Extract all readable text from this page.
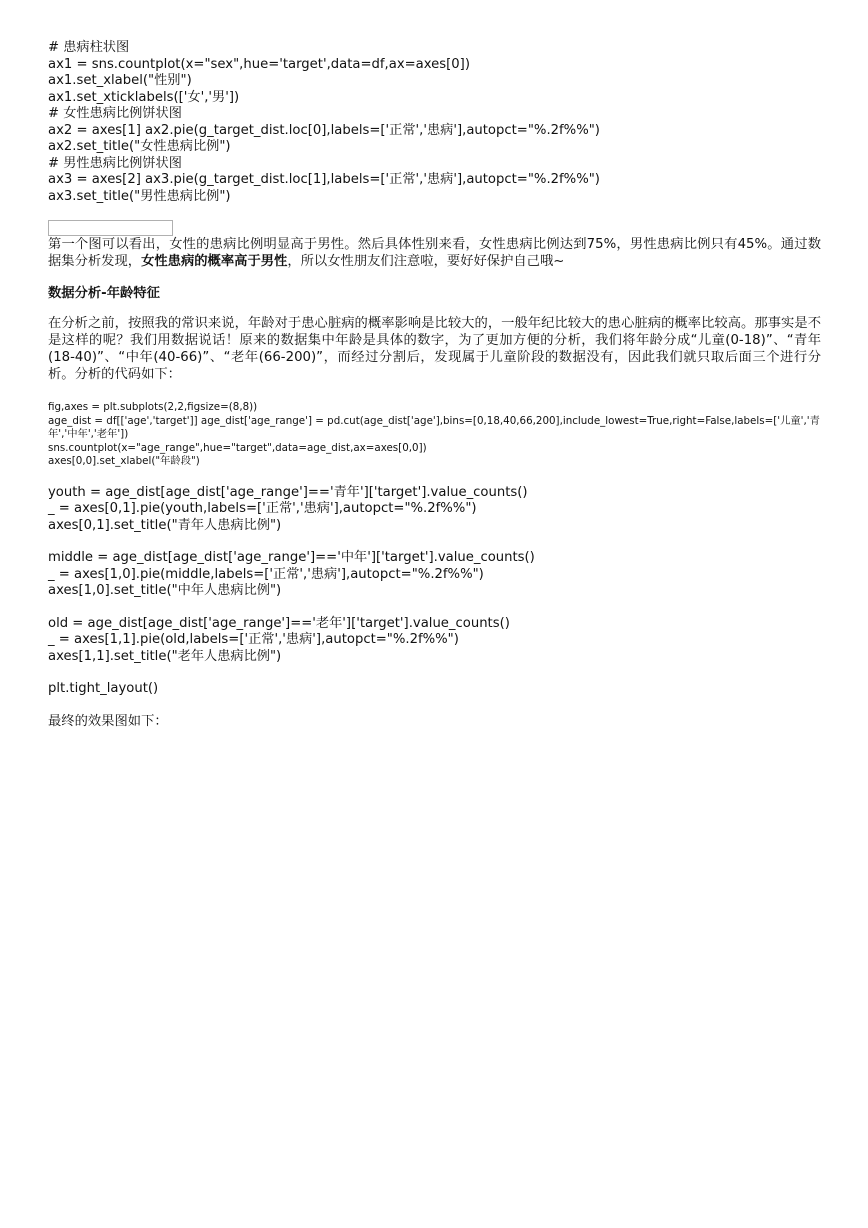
# 患病柱状图
ax1 = sns.countplot(x="sex",hue='target',data=df,ax=axes[0])
ax1.set_xlabel("性别")
ax1.set_xticklabels(['女','男'])
# 女性患病比例饼状图
ax2 = axes[1] ax2.pie(g_target_dist.loc[0],labels=['正常','患病'],autopct="%.2f%%")
ax2.set_title("女性患病比例")
# 男性患病比例饼状图
ax3 = axes[2] ax3.pie(g_target_dist.loc[1],labels=['正常','患病'],autopct="%.2f%%")
ax3.set_title("男性患病比例")

第一个图可以看出，女性的患病比例明显高于男性。然后具体性别来看，女性患病比例达到75%，男性患病比例只有45%。通过数据集分析发现，女性患病的概率高于男性，所以女性朋友们注意啦，要好好保护自己哦~

数据分析-年龄特征

在分析之前，按照我的常识来说，年龄对于患心脏病的概率影响是比较大的，一般年纪比较大的患心脏病的概率比较高。那事实是不是这样的呢？我们用数据说话！原来的数据集中年龄是具体的数字，为了更加方便的分析，我们将年龄分成“儿童(0-18)”、“青年(18-40)”、“中年(40-66)”、“老年(66-200)”，而经过分割后，发现属于儿童阶段的数据没有，因此我们就只取后面三个进行分析。分析的代码如下：

fig,axes = plt.subplots(2,2,figsize=(8,8))
age_dist = df[['age','target']] age_dist['age_range'] = pd.cut(age_dist['age'],bins=[0,18,40,66,200],include_lowest=True,right=False,labels=['儿童','青年','中年','老年'])
sns.countplot(x="age_range",hue="target",data=age_dist,ax=axes[0,0])
axes[0,0].set_xlabel("年龄段")
youth = age_dist[age_dist['age_range']=='青年']['target'].value_counts()
_ = axes[0,1].pie(youth,labels=['正常','患病'],autopct="%.2f%%")
axes[0,1].set_title("青年人患病比例")
middle = age_dist[age_dist['age_range']=='中年']['target'].value_counts()
_ = axes[1,0].pie(middle,labels=['正常','患病'],autopct="%.2f%%")
axes[1,0].set_title("中年人患病比例")
old = age_dist[age_dist['age_range']=='老年']['target'].value_counts()
_ = axes[1,1].pie(old,labels=['正常','患病'],autopct="%.2f%%")
axes[1,1].set_title("老年人患病比例")
plt.tight_layout()
最终的效果图如下：
